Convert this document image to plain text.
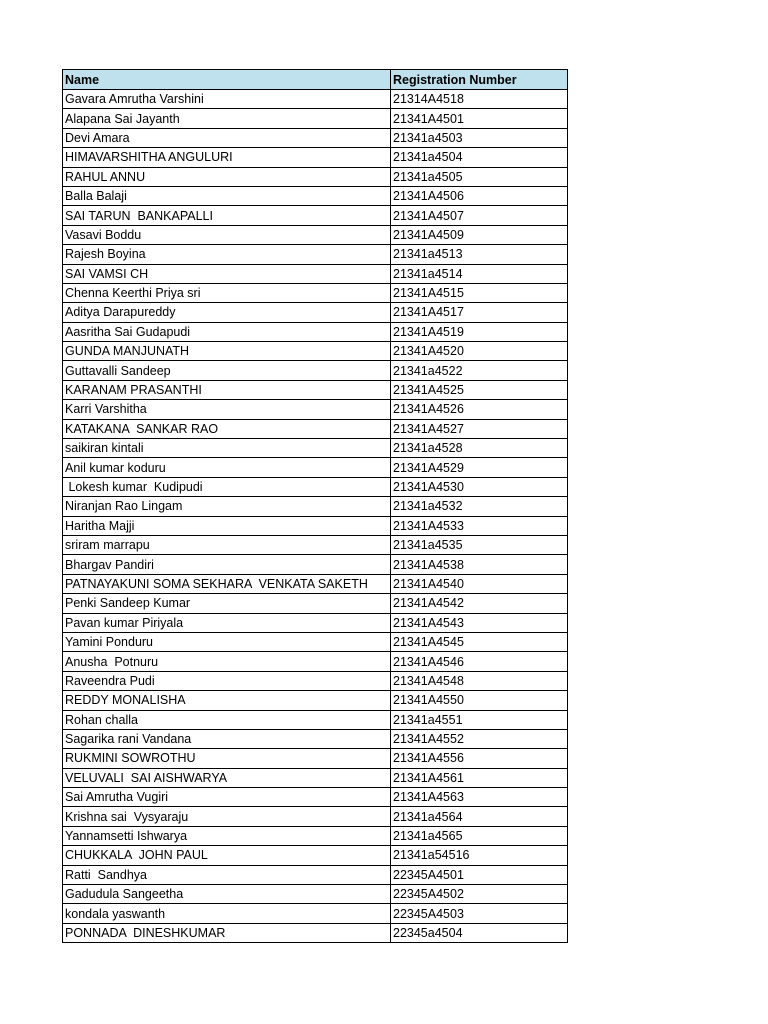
Name	Registration Number
Gavara Amrutha Varshini	21314A4518
Alapana Sai Jayanth	21341A4501
Devi Amara	21341a4503
HIMAVARSHITHA ANGULURI	21341a4504
RAHUL ANNU	21341a4505
Balla Balaji	21341A4506
SAI TARUN  BANKAPALLI	21341A4507
Vasavi Boddu	21341A4509
Rajesh Boyina	21341a4513
SAI VAMSI CH	21341a4514
Chenna Keerthi Priya sri	21341A4515
Aditya Darapureddy	21341A4517
Aasritha Sai Gudapudi	21341A4519
GUNDA MANJUNATH	21341A4520
Guttavalli Sandeep	21341a4522
KARANAM PRASANTHI	21341A4525
Karri Varshitha	21341A4526
KATAKANA  SANKAR RAO	21341A4527
saikiran kintali	21341a4528
Anil kumar koduru	21341A4529
Lokesh kumar  Kudipudi	21341A4530
Niranjan Rao Lingam	21341a4532
Haritha Majji	21341A4533
sriram marrapu	21341a4535
Bhargav Pandiri	21341A4538
PATNAYAKUNI SOMA SEKHARA  VENKATA SAKETH	21341A4540
Penki Sandeep Kumar	21341A4542
Pavan kumar Piriyala	21341A4543
Yamini Ponduru	21341A4545
Anusha  Potnuru	21341A4546
Raveendra Pudi	21341A4548
REDDY MONALISHA	21341A4550
Rohan challa	21341a4551
Sagarika rani Vandana	21341A4552
RUKMINI SOWROTHU	21341A4556
VELUVALI  SAI AISHWARYA	21341A4561
Sai Amrutha Vugiri	21341A4563
Krishna sai  Vysyaraju	21341a4564
Yannamsetti Ishwarya	21341a4565
CHUKKALA  JOHN PAUL	21341a54516
Ratti  Sandhya	22345A4501
Gadudula Sangeetha	22345A4502
kondala yaswanth	22345A4503
PONNADA  DINESHKUMAR	22345a4504
